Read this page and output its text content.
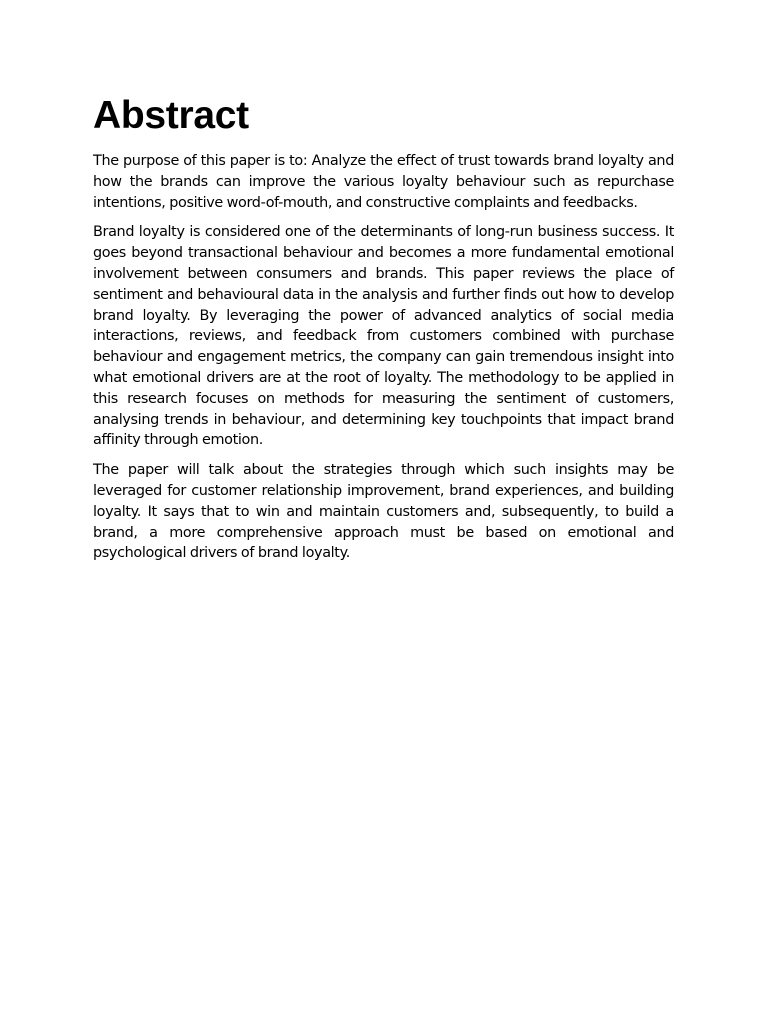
Abstract

The purpose of this paper is to: Analyze the effect of trust towards brand loyalty and how the brands can improve the various loyalty behaviour such as repurchase intentions, positive word-of-mouth, and constructive complaints and feedbacks.

Brand loyalty is considered one of the determinants of long-run business success. It goes beyond transactional behaviour and becomes a more fundamental emotional involvement between consumers and brands. This paper reviews the place of sentiment and behavioural data in the analysis and further finds out how to develop brand loyalty. By leveraging the power of advanced analytics of social media interactions, reviews, and feedback from customers combined with purchase behaviour and engagement metrics, the company can gain tremendous insight into what emotional drivers are at the root of loyalty. The methodology to be applied in this research focuses on methods for measuring the sentiment of customers, analysing trends in behaviour, and determining key touchpoints that impact brand affinity through emotion.

The paper will talk about the strategies through which such insights may be leveraged for customer relationship improvement, brand experiences, and building loyalty. It says that to win and maintain customers and, subsequently, to build a brand, a more comprehensive approach must be based on emotional and psychological drivers of brand loyalty.
